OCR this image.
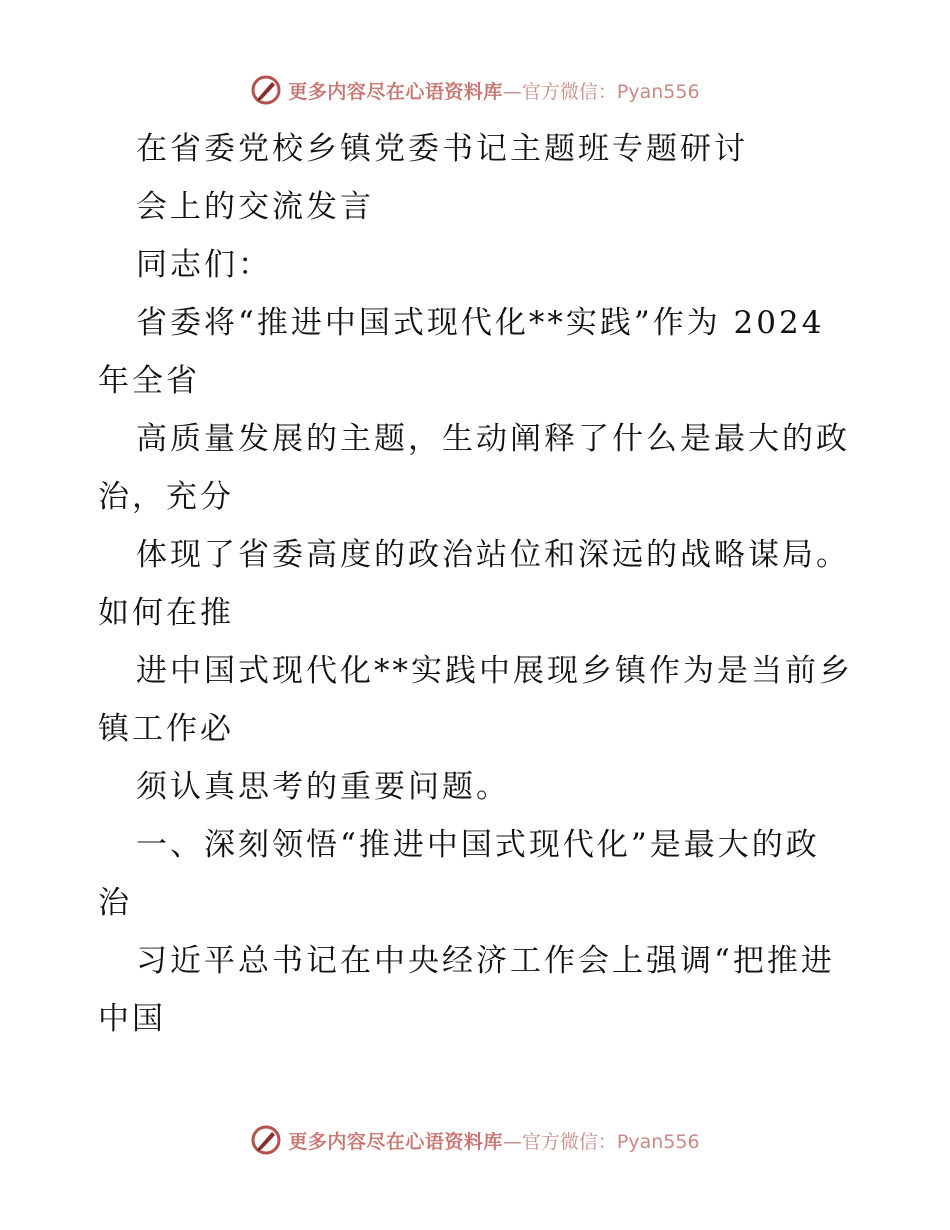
更多内容尽在心语资料库 —官方微信：Pyan556
在省委党校乡镇党委书记主题班专题研讨
会上的交流发言
同志们：
省委将“推进中国式现代化**实践”作为 2024
年全省
高质量发展的主题，生动阐释了什么是最大的政
治，充分
体现了省委高度的政治站位和深远的战略谋局。
如何在推
进中国式现代化**实践中展现乡镇作为是当前乡
镇工作必
须认真思考的重要问题。
一、深刻领悟“推进中国式现代化”是最大的政
治
习近平总书记在中央经济工作会上强调“把推进
中国
更多内容尽在心语资料库 —官方微信：Pyan556
